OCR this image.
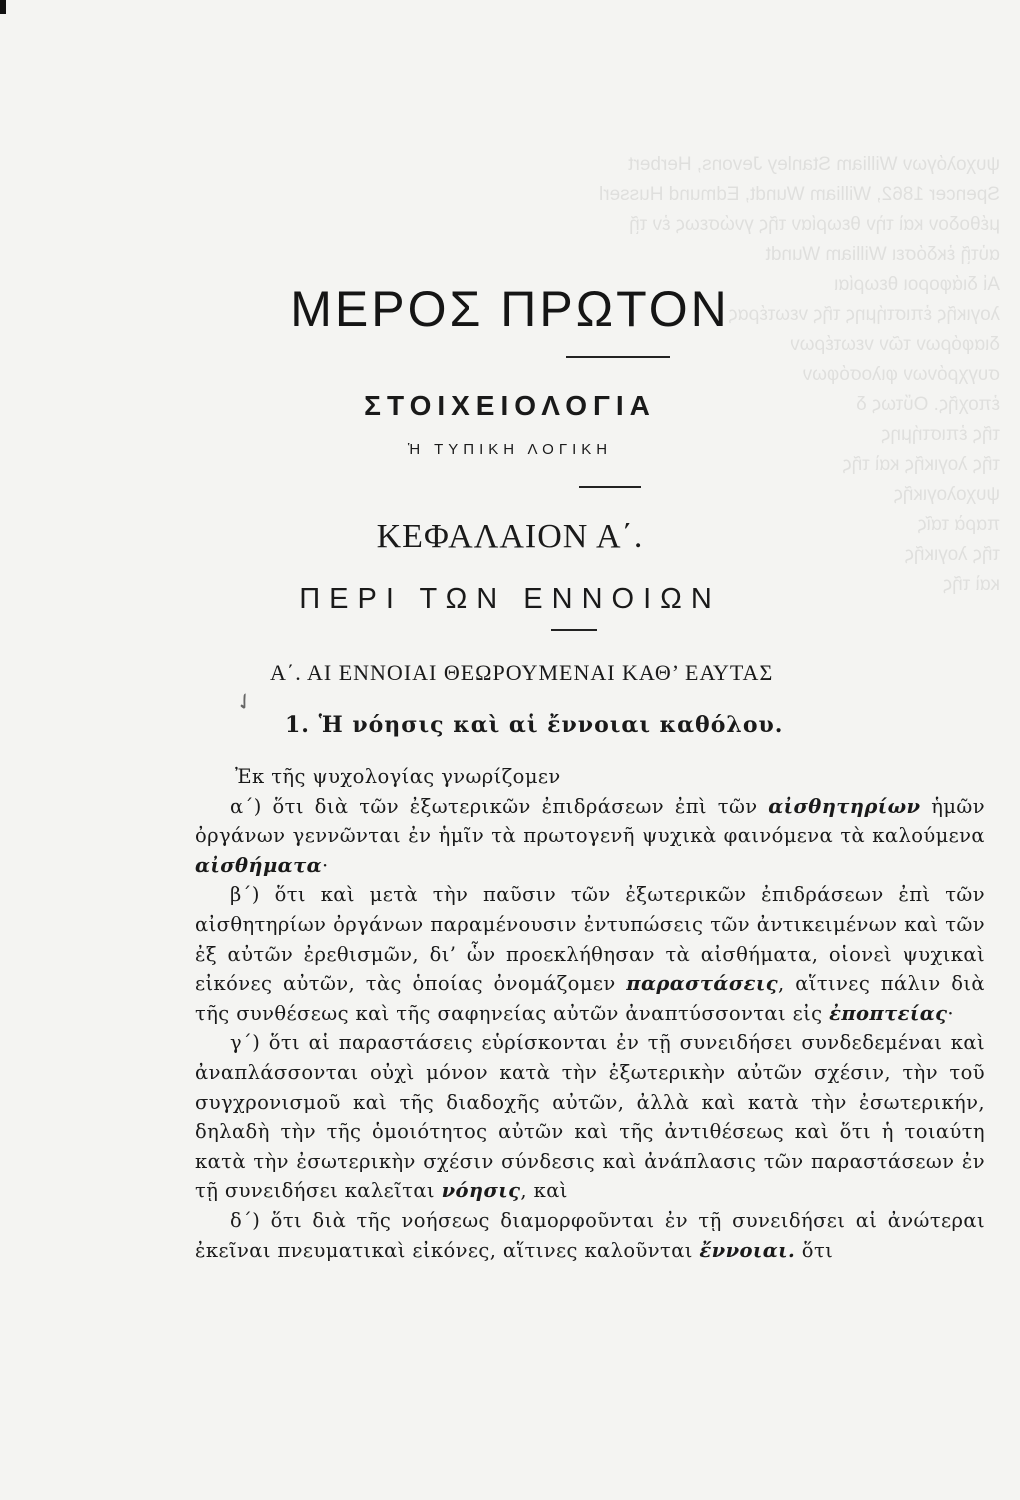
ψυχολόγων William Stanley Jevons, Herbert
Spencer 1862, William Wundt, Edmund Husserl
μέθοδον καὶ τὴν θεωρίαν τῆς γνώσεως ἐν τῇ
αὐτῇ ἐκδόσει William Wundt
Αἱ διάφοροι θεωρίαι
λογικῆς ἐπιστήμης τῆς νεωτέρας
διαφόρων τῶν νεωτέρων
συγχρόνων φιλοσόφων
ἐποχῆς. Οὕτως δ
τῆς ἐπιστήμης
τῆς λογικῆς καὶ τῆς
ψυχολογικῆς
παρὰ ταῖς
τῆς λογικῆς
καὶ τῆς
ΜΕΡΟΣ ΠΡΩΤΟΝ
ΣΤΟΙΧΕΙΟΛΟΓΙΑ
Ἡ ΤΥΠΙΚΗ ΛΟΓΙΚΗ
ΚΕΦΑΛΑΙΟΝ Α΄.
ΠΕΡΙ ΤΩΝ ΕΝΝΟΙΩΝ
Α΄. ΑΙ ΕΝΝΟΙΑΙ ΘΕΩΡΟΥΜΕΝΑΙ ΚΑΘ’ ΕΑΥΤΑΣ
✓
1. Ἡ νόησις καὶ αἱ ἔννοιαι καθόλου.

Ἐκ τῆς ψυχολογίας γνωρίζομεν

α΄) ὅτι διὰ τῶν ἐξωτερικῶν ἐπιδράσεων ἐπὶ τῶν αἰσθητηρίων ἡμῶν ὀργάνων γεννῶνται ἐν ἡμῖν τὰ πρωτογενῆ ψυχικὰ φαινόμενα τὰ καλούμενα αἰσθήματα·

β΄) ὅτι καὶ μετὰ τὴν παῦσιν τῶν ἐξωτερικῶν ἐπιδράσεων ἐπὶ τῶν αἰσθητηρίων ὀργάνων παραμένουσιν ἐντυπώσεις τῶν ἀντικειμένων καὶ τῶν ἐξ αὐτῶν ἐρεθισμῶν, δι’ ὧν προεκλήθησαν τὰ αἰσθήματα, οἱονεὶ ψυχικαὶ εἰκόνες αὐτῶν, τὰς ὁποίας ὀνομάζομεν παραστάσεις, αἵτινες πάλιν διὰ τῆς συνθέσεως καὶ τῆς σαφηνείας αὐτῶν ἀναπτύσσονται εἰς ἐποπτείας·

γ΄) ὅτι αἱ παραστάσεις εὑρίσκονται ἐν τῇ συνειδήσει συνδεδεμέναι καὶ ἀναπλάσσονται οὐχὶ μόνον κατὰ τὴν ἐξωτερικὴν αὐτῶν σχέσιν, τὴν τοῦ συγχρονισμοῦ καὶ τῆς διαδοχῆς αὐτῶν, ἀλλὰ καὶ κατὰ τὴν ἐσωτερικήν, δηλαδὴ τὴν τῆς ὁμοιότητος αὐτῶν καὶ τῆς ἀντιθέσεως καὶ ὅτι ἡ τοιαύτη κατὰ τὴν ἐσωτερικὴν σχέσιν σύνδεσις καὶ ἀνάπλασις τῶν παραστάσεων ἐν τῇ συνειδήσει καλεῖται νόησις, καὶ

δ΄) ὅτι διὰ τῆς νοήσεως διαμορφοῦνται ἐν τῇ συνειδήσει αἱ ἀνώτεραι ἐκεῖναι πνευματικαὶ εἰκόνες, αἵτινες καλοῦνται ἔννοιαι. ὅτι
